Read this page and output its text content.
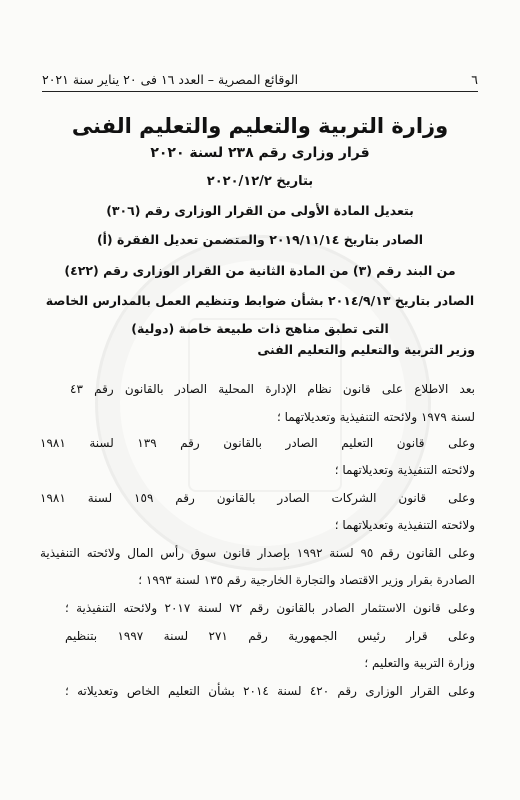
٦
الوقائع المصرية – العدد ١٦ فى ٢٠ يناير سنة ٢٠٢١
وزارة التربية والتعليم والتعليم الفنى
قرار وزارى رقم ٢٣٨ لسنة ٢٠٢٠
بتاريخ ٢٠٢٠/١٢/٢
بتعديل المادة الأولى من القرار الوزارى رقم (٣٠٦)
الصادر بتاريخ ٢٠١٩/١١/١٤ والمتضمن تعديل الفقرة (أ)
من البند رقم (٣) من المادة الثانية من القرار الوزارى رقم (٤٢٢)
الصادر بتاريخ ٢٠١٤/٩/١٣ بشأن ضوابط وتنظيم العمل بالمدارس الخاصة
التى تطبق مناهج ذات طبيعة خاصة (دولية)
وزير التربية والتعليم والتعليم الفنى
بعد الاطلاع على قانون نظام الإدارة المحلية الصادر بالقانون رقم ٤٣
لسنة ١٩٧٩ ولائحته التنفيذية وتعديلاتهما ؛
وعلى قانون التعليم الصادر بالقانون رقم ١٣٩ لسنة ١٩٨١
ولائحته التنفيذية وتعديلاتهما ؛
وعلى قانون الشركات الصادر بالقانون رقم ١٥٩ لسنة ١٩٨١
ولائحته التنفيذية وتعديلاتهما ؛
وعلى القانون رقم ٩٥ لسنة ١٩٩٢ بإصدار قانون سوق رأس المال ولائحته التنفيذية
الصادرة بقرار وزير الاقتصاد والتجارة الخارجية رقم ١٣٥ لسنة ١٩٩٣ ؛
وعلى قانون الاستثمار الصادر بالقانون رقم ٧٢ لسنة ٢٠١٧ ولائحته التنفيذية ؛
وعلى قرار رئيس الجمهورية رقم ٢٧١ لسنة ١٩٩٧ بتنظيم
وزارة التربية والتعليم ؛
وعلى القرار الوزارى رقم ٤٢٠ لسنة ٢٠١٤ بشأن التعليم الخاص وتعديلاته ؛
